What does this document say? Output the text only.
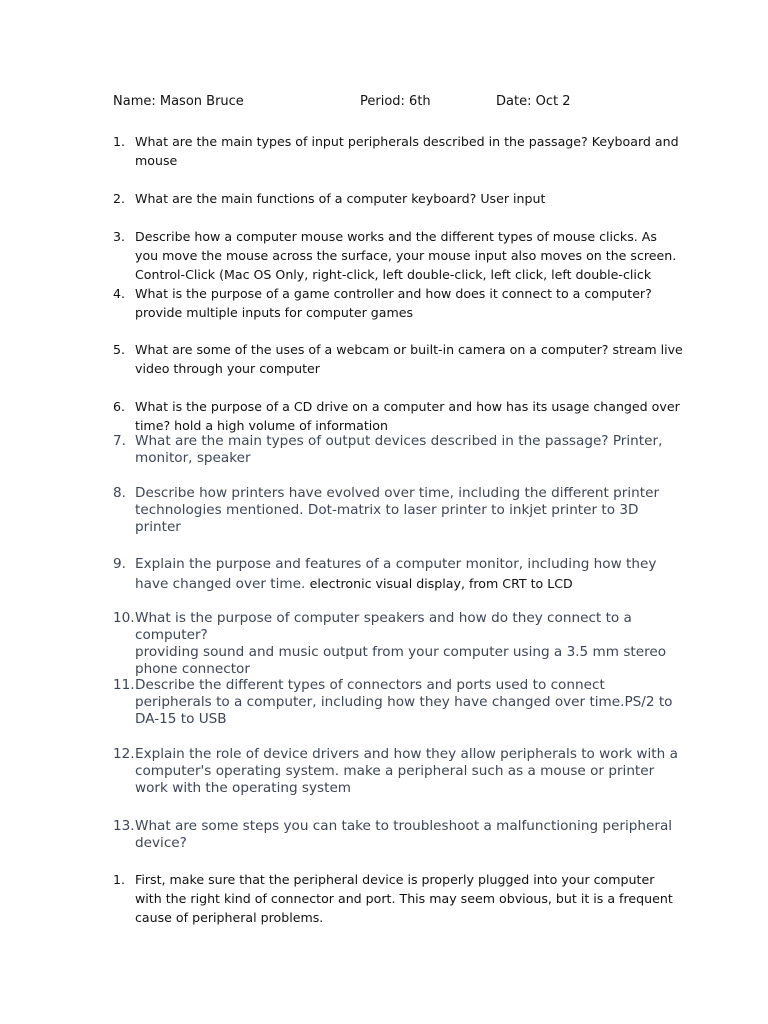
Name: Mason Bruce	Period: 6th	Date: Oct 2
1. What are the main types of input peripherals described in the passage? Keyboard and mouse
2. What are the main functions of a computer keyboard? User input
3. Describe how a computer mouse works and the different types of mouse clicks. As you move the mouse across the surface, your mouse input also moves on the screen. Control-Click (Mac OS Only, right-click, left double-click, left click, left double-click
4. What is the purpose of a game controller and how does it connect to a computer? provide multiple inputs for computer games
5. What are some of the uses of a webcam or built-in camera on a computer? stream live video through your computer
6. What is the purpose of a CD drive on a computer and how has its usage changed over time? hold a high volume of information
7. What are the main types of output devices described in the passage? Printer, monitor, speaker
8. Describe how printers have evolved over time, including the different printer technologies mentioned. Dot-matrix to laser printer to inkjet printer to 3D printer
9. Explain the purpose and features of a computer monitor, including how they have changed over time. electronic visual display, from CRT to LCD
10. What is the purpose of computer speakers and how do they connect to a computer?
providing sound and music output from your computer using a 3.5 mm stereo phone connector
11. Describe the different types of connectors and ports used to connect peripherals to a computer, including how they have changed over time.PS/2 to DA-15 to USB
12. Explain the role of device drivers and how they allow peripherals to work with a computer's operating system. make a peripheral such as a mouse or printer work with the operating system
13. What are some steps you can take to troubleshoot a malfunctioning peripheral device?
1. First, make sure that the peripheral device is properly plugged into your computer with the right kind of connector and port. This may seem obvious, but it is a frequent cause of peripheral problems.
